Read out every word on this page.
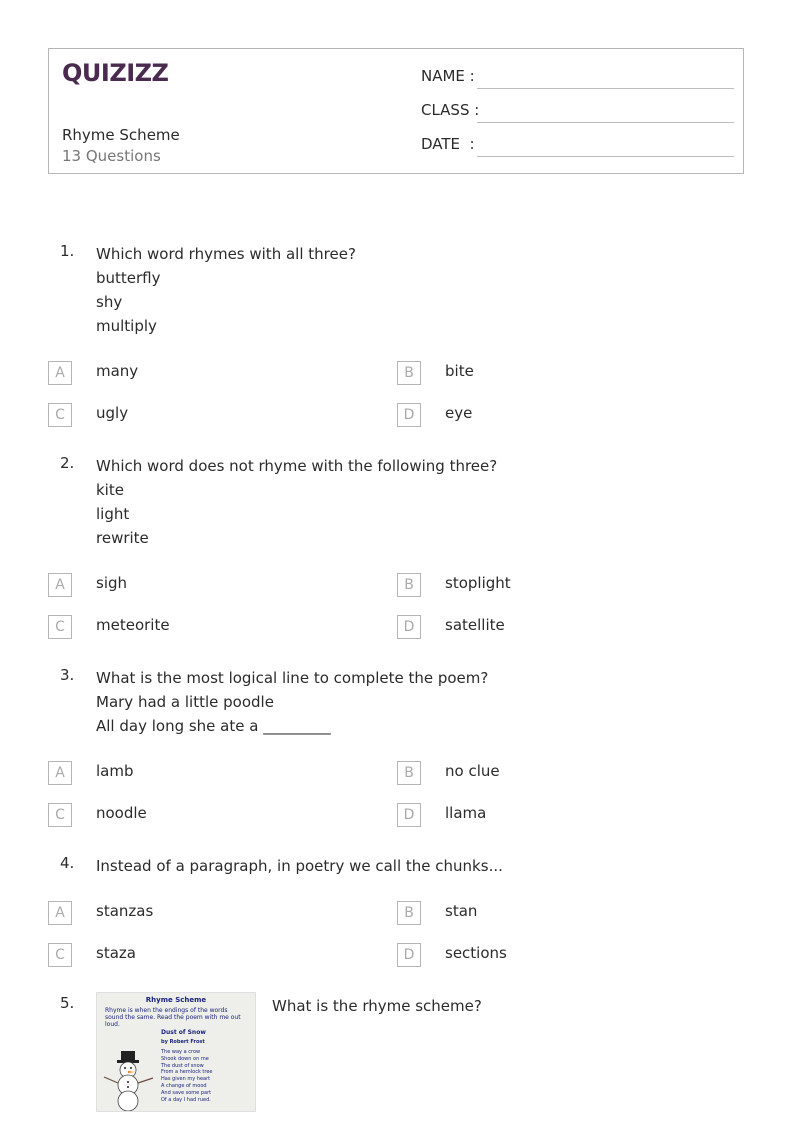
QUIZIZZ
Rhyme Scheme
13 Questions
NAME :
CLASS :
DATE  :
1. Which word rhymes with all three?
butterfly
shy
multiply
A	many	B	bite
C	ugly	D	eye
2. Which word does not rhyme with the following three?
kite
light
rewrite
A	sigh	B	stoplight
C	meteorite	D	satellite
3. What is the most logical line to complete the poem?
Mary had a little poodle
All day long she ate a _________
A	lamb	B	no clue
C	noodle	D	llama
4. Instead of a paragraph, in poetry we call the chunks...
A	stanzas	B	stan
C	staza	D	sections
5.	What is the rhyme scheme?
Rhyme Scheme
Rhyme is when the endings of the words sound the same. Read the poem with me out loud.
Dust of Snow
by Robert Frost
The way a crow
Shook down on me
The dust of snow
From a hemlock tree
Has given my heart
A change of mood
And save some part
Of a day I had rued.
